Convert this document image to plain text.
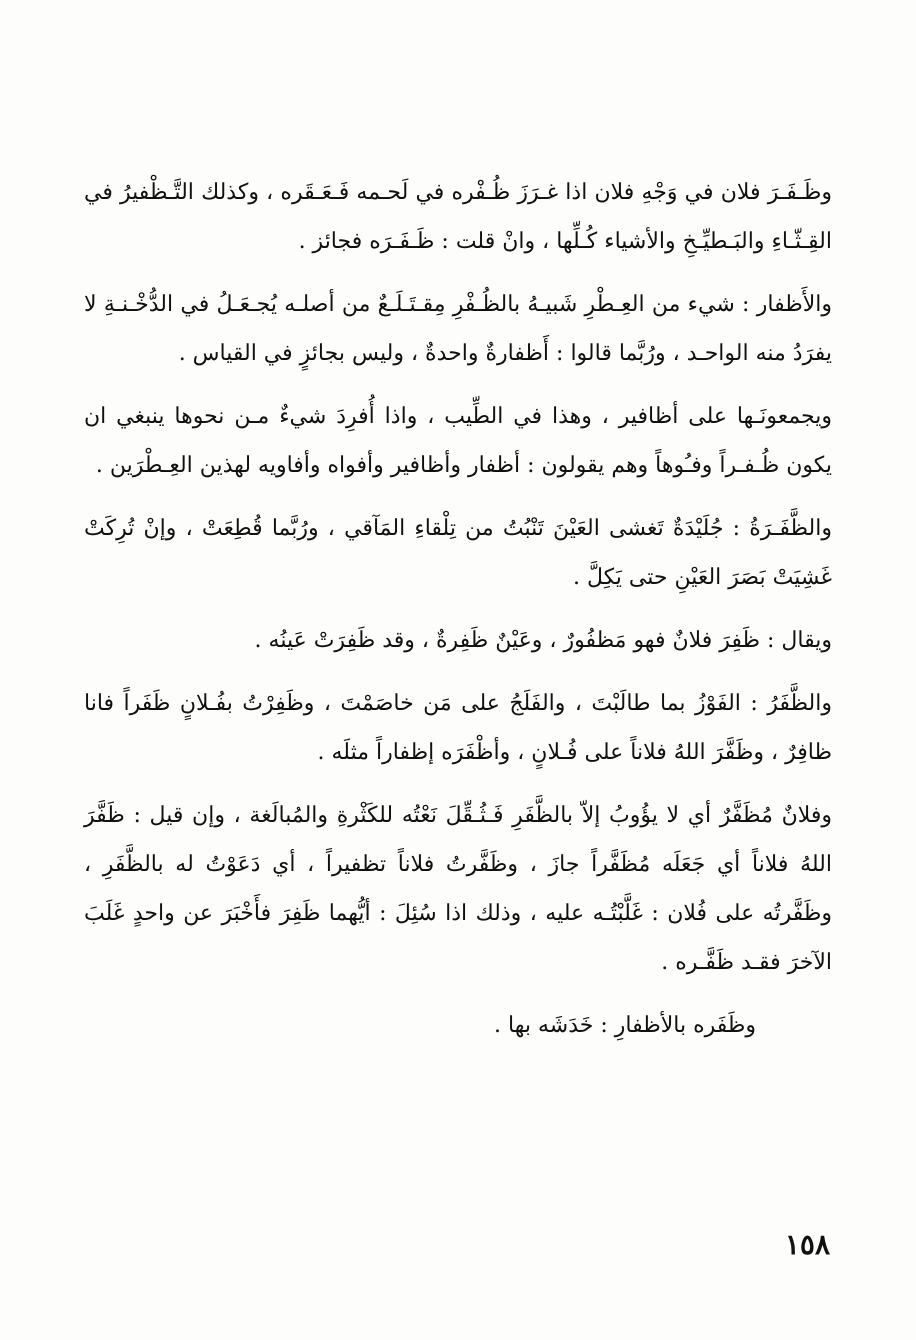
وظَـفَـرَ فلان في وَجْهِ فلان اذا غـرَزَ ظُـفْره في لَحـمه فَـعَـقَره ، وكذلك التَّـظْفيرُ في القِـثّـاءِ والبَـطيِّـخِ والأشياء كُـلِّها ، وانْ قلت : ظَـفَـرَه فجائز .

والأَظفار : شيء من العِـطْرِ شَبيـهُ بالظُـفْرِ مِقـتَـلَـعٌ من أصلـه يُجـعَـلُ في الدُّخْـنـةِ لا يفرَدُ منه الواحـد ، ورُبَّما قالوا : أَظفارةٌ واحدةٌ ، وليس بجائزٍ في القياس .

ويجمعونَـها على أظافير ، وهذا في الطِّيب ، واذا أُفرِدَ شيءٌ مـن نحوها ينبغي ان يكون ظُـفـراً وفـُوهاً وهم يقولون : أظفار وأظافير وأفواه وأفاويه لهذين العِـطْرَين .

والظَّفَـرَةُ : جُلَيْدَةٌ تَغشى العَيْنَ تَنْبُتُ من تِلْقاءِ المَآقي ، ورُبَّما قُطِعَتْ ، وإنْ تُرِكَتْ غَشِيَتْ بَصَرَ العَيْنِ حتى يَكِلَّ .

ويقال : ظَفِرَ فلانٌ فهو مَظفُورٌ ، وعَيْنٌ ظَفِرةٌ ، وقد ظَفِرَتْ عَينُه .

والظَّفَرُ : الفَوْزُ بما طالَبْتَ ، والفَلَجُ على مَن خاصَمْتَ ، وظَفِرْتُ بفُـلانٍ ظَفَراً فانا ظافِرٌ ، وظَفَّرَ اللهُ فلاناً على فُـلانٍ ، وأظْفَرَه إظفاراً مثلَه .

وفلانٌ مُظَفَّرٌ أي لا يؤُوبُ إلاّ بالظَّفَرِ فَـثُـقِّلَ نَعْتُه للكَثْرةِ والمُبالَغة ، وإن قيل : ظَفَّرَ اللهُ فلاناً أي جَعَلَه مُظَفَّراً جازَ ، وظَفَّرتُ فلاناً تظفيراً ، أي دَعَوْتُ له بالظَّفَرِ ، وظَفَّرتُه على فُلان : غَلَّبْتُـه عليه ، وذلك اذا سُئِلَ : أيُّهما ظَفِرَ فأَخْبَرَ عن واحدٍ غَلَبَ الآخرَ فقـد ظَفَّـره .

وظَفَره بالأظفارِ : خَدَشَه بها .

١٥٨
